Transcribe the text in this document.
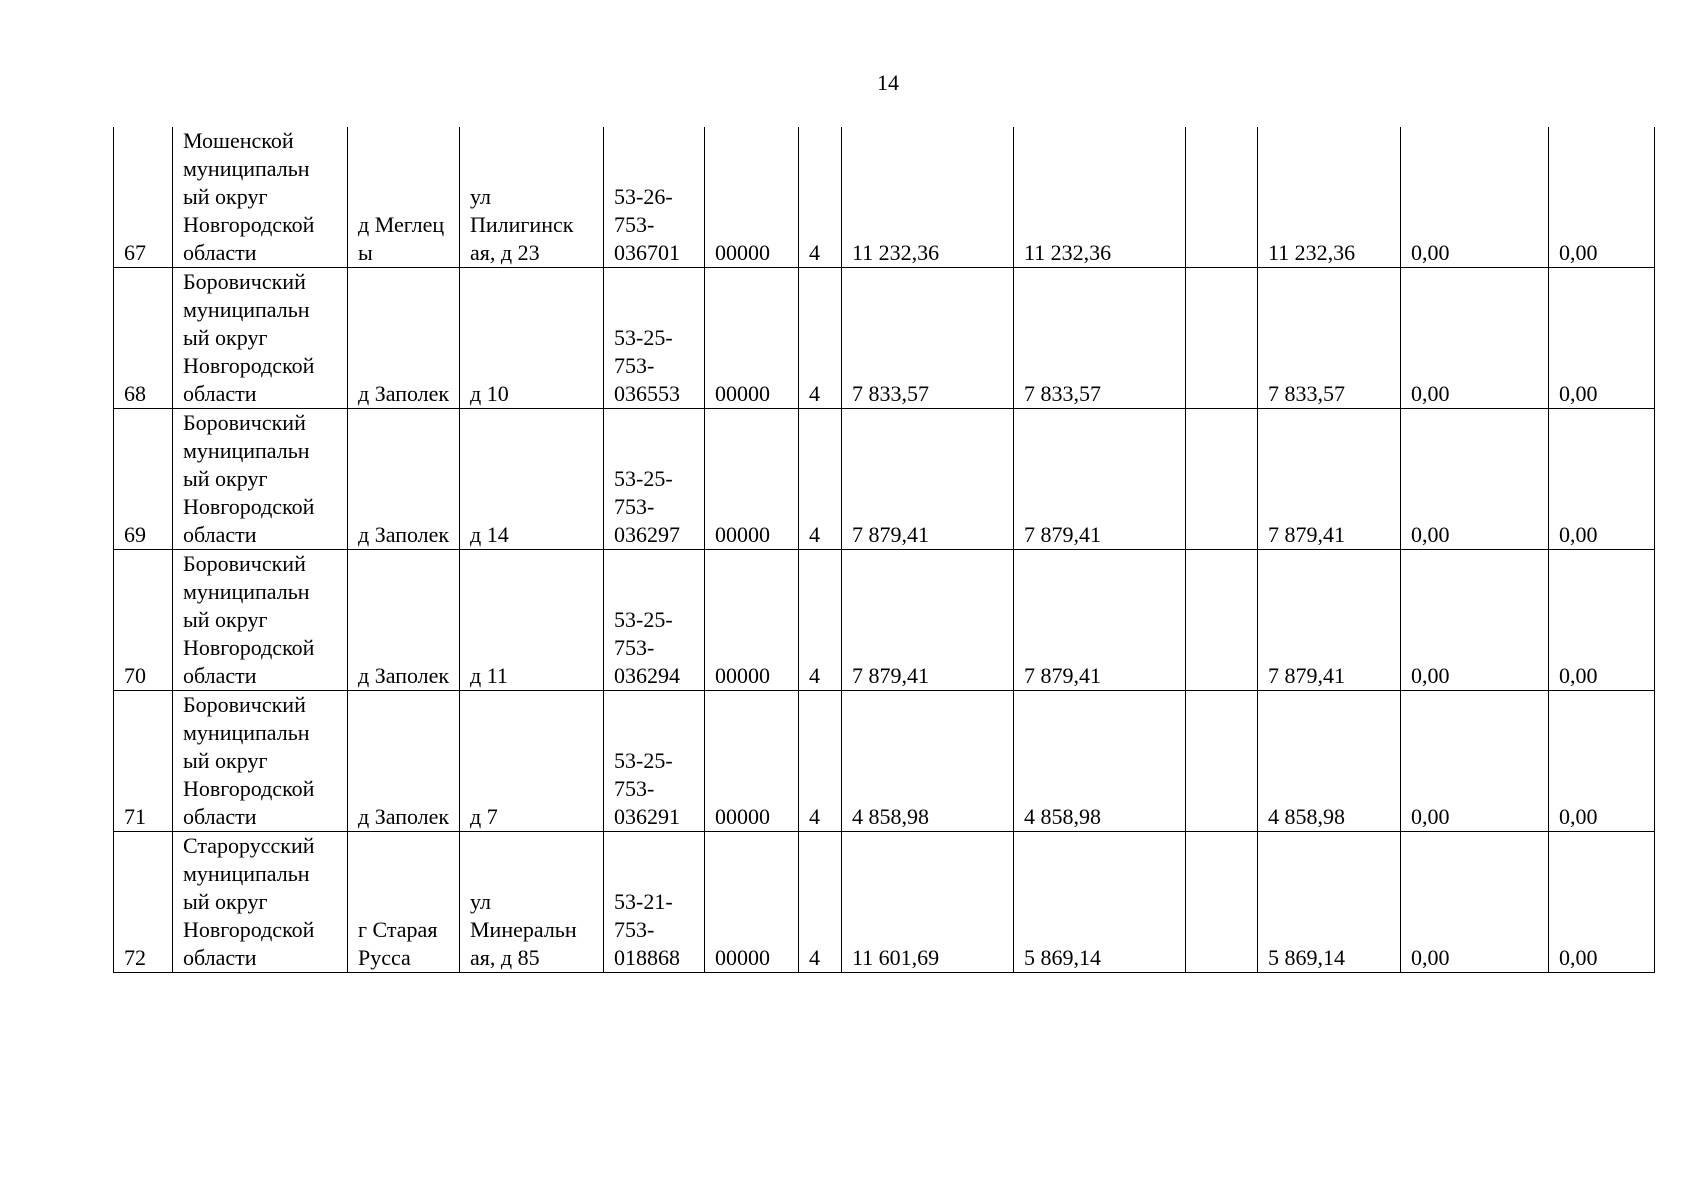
14
67	Мошенской муниципальн ый округ Новгородской области	д Меглец ы	ул Пилигинск ая, д 23	53-26- 753- 036701	00000	4	11 232,36	11 232,36		11 232,36	0,00	0,00
68	Боровичский муниципальн ый округ Новгородской области	д Заполек	д 10	53-25- 753- 036553	00000	4	7 833,57	7 833,57		7 833,57	0,00	0,00
69	Боровичский муниципальн ый округ Новгородской области	д Заполек	д 14	53-25- 753- 036297	00000	4	7 879,41	7 879,41		7 879,41	0,00	0,00
70	Боровичский муниципальн ый округ Новгородской области	д Заполек	д 11	53-25- 753- 036294	00000	4	7 879,41	7 879,41		7 879,41	0,00	0,00
71	Боровичский муниципальн ый округ Новгородской области	д Заполек	д 7	53-25- 753- 036291	00000	4	4 858,98	4 858,98		4 858,98	0,00	0,00
72	Старорусский муниципальн ый округ Новгородской области	г Старая Русса	ул Минеральн ая, д 85	53-21- 753- 018868	00000	4	11 601,69	5 869,14		5 869,14	0,00	0,00
